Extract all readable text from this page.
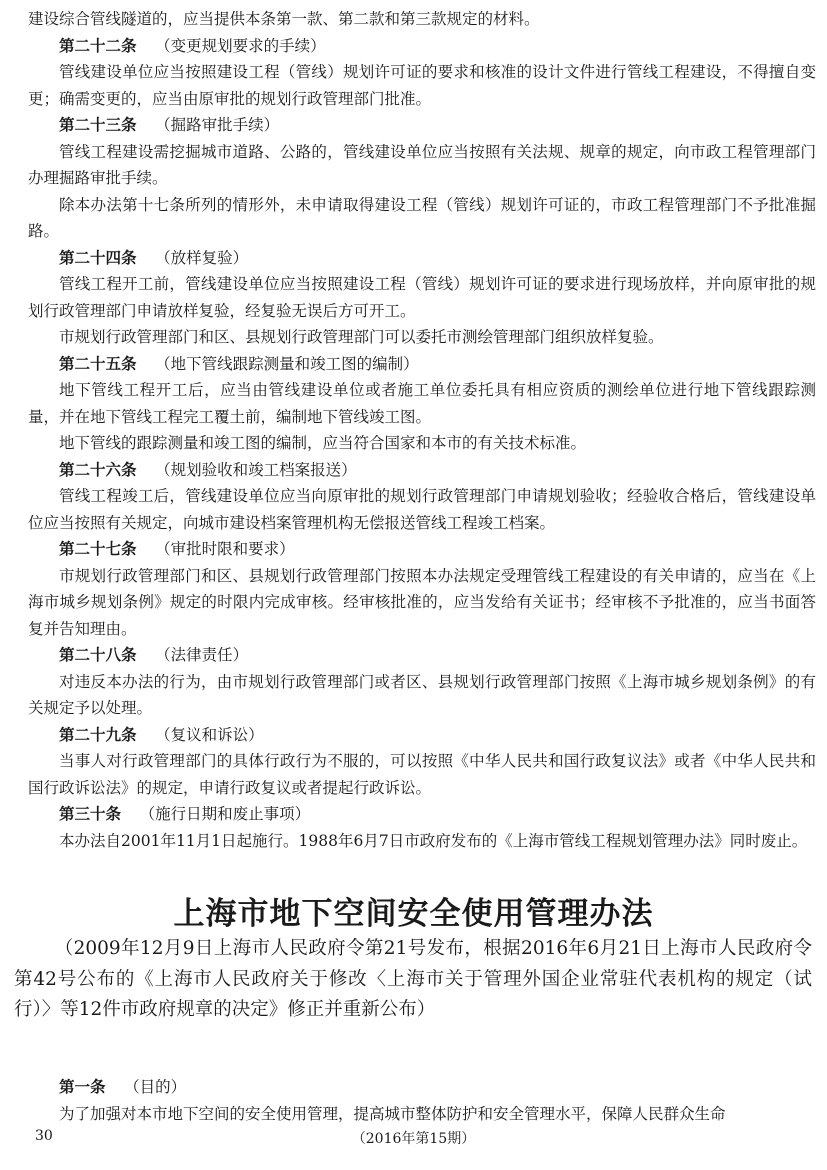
建设综合管线隧道的，应当提供本条第一款、第二款和第三款规定的材料。

第二十二条 （变更规划要求的手续）

管线建设单位应当按照建设工程（管线）规划许可证的要求和核准的设计文件进行管线工程建设，不得擅自变更；确需变更的，应当由原审批的规划行政管理部门批准。

第二十三条 （掘路审批手续）

管线工程建设需挖掘城市道路、公路的，管线建设单位应当按照有关法规、规章的规定，向市政工程管理部门办理掘路审批手续。

除本办法第十七条所列的情形外，未申请取得建设工程（管线）规划许可证的，市政工程管理部门不予批准掘路。

第二十四条 （放样复验）

管线工程开工前，管线建设单位应当按照建设工程（管线）规划许可证的要求进行现场放样，并向原审批的规划行政管理部门申请放样复验，经复验无误后方可开工。

市规划行政管理部门和区、县规划行政管理部门可以委托市测绘管理部门组织放样复验。

第二十五条 （地下管线跟踪测量和竣工图的编制）

地下管线工程开工后，应当由管线建设单位或者施工单位委托具有相应资质的测绘单位进行地下管线跟踪测量，并在地下管线工程完工覆土前，编制地下管线竣工图。

地下管线的跟踪测量和竣工图的编制，应当符合国家和本市的有关技术标准。

第二十六条 （规划验收和竣工档案报送）

管线工程竣工后，管线建设单位应当向原审批的规划行政管理部门申请规划验收；经验收合格后，管线建设单位应当按照有关规定，向城市建设档案管理机构无偿报送管线工程竣工档案。

第二十七条 （审批时限和要求）

市规划行政管理部门和区、县规划行政管理部门按照本办法规定受理管线工程建设的有关申请的，应当在《上海市城乡规划条例》规定的时限内完成审核。经审核批准的，应当发给有关证书；经审核不予批准的，应当书面答复并告知理由。

第二十八条 （法律责任）

对违反本办法的行为，由市规划行政管理部门或者区、县规划行政管理部门按照《上海市城乡规划条例》的有关规定予以处理。

第二十九条 （复议和诉讼）

当事人对行政管理部门的具体行政行为不服的，可以按照《中华人民共和国行政复议法》或者《中华人民共和国行政诉讼法》的规定，申请行政复议或者提起行政诉讼。

第三十条 （施行日期和废止事项）

本办法自2001年11月1日起施行。1988年6月7日市政府发布的《上海市管线工程规划管理办法》同时废止。

上海市地下空间安全使用管理办法

（2009年12月9日上海市人民政府令第21号发布，根据2016年6月21日上海市人民政府令第42号公布的《上海市人民政府关于修改〈上海市关于管理外国企业常驻代表机构的规定（试行）〉等12件市政府规章的决定》修正并重新公布）

第一条 （目的）

为了加强对本市地下空间的安全使用管理，提高城市整体防护和安全管理水平，保障人民群众生命

30	（2016年第15期）
